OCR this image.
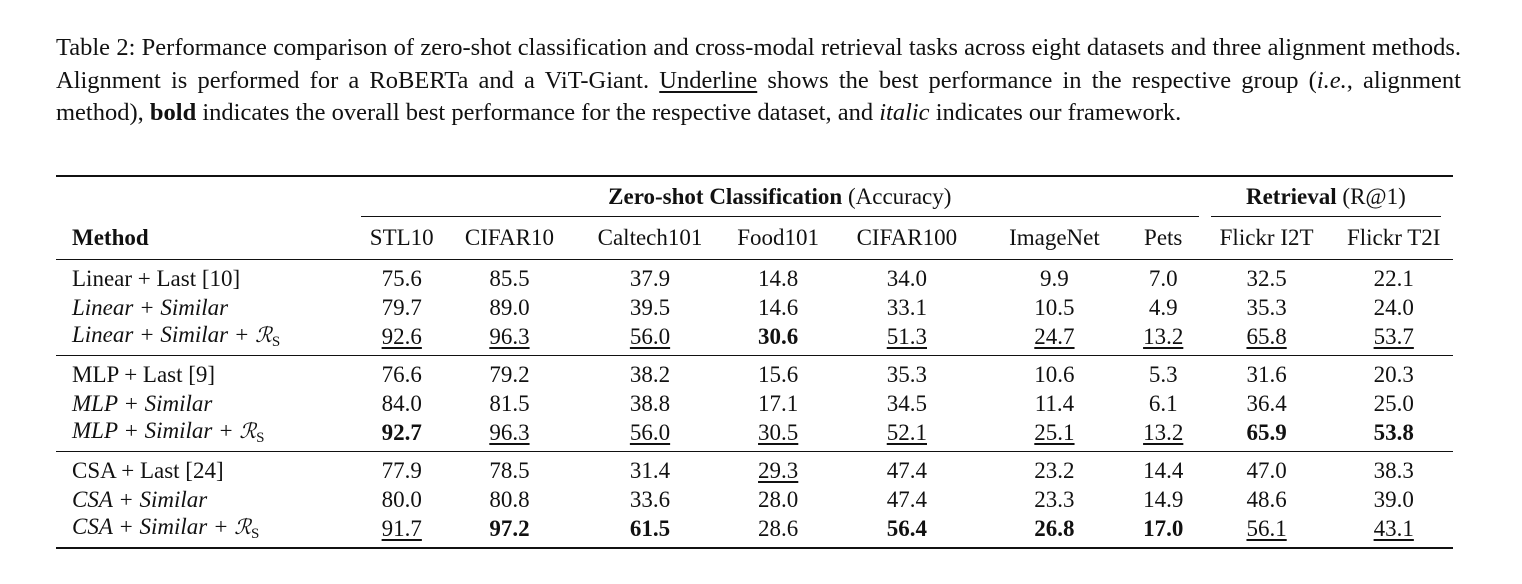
Table 2: Performance comparison of zero-shot classification and cross-modal retrieval tasks across eight datasets and three alignment methods. Alignment is performed for a RoBERTa and a ViT-Giant. Underline shows the best performance in the respective group (i.e., alignment method), bold indicates the overall best performance for the respective dataset, and italic indicates our framework.
	Zero-shot Classification (Accuracy)							Retrieval (R@1)	

Method	STL10	CIFAR10	Caltech101	Food101	CIFAR100	ImageNet	Pets	Flickr I2T	Flickr T2I
Linear + Last [10]	75.6	85.5	37.9	14.8	34.0	9.9	7.0	32.5	22.1
Linear + Similar	79.7	89.0	39.5	14.6	33.1	10.5	4.9	35.3	24.0
Linear + Similar + ℛ$_S$	92.6	96.3	56.0	30.6	51.3	24.7	13.2	65.8	53.7
MLP + Last [9]	76.6	79.2	38.2	15.6	35.3	10.6	5.3	31.6	20.3
MLP + Similar	84.0	81.5	38.8	17.1	34.5	11.4	6.1	36.4	25.0
MLP + Similar + ℛ$_S$	92.7	96.3	56.0	30.5	52.1	25.1	13.2	65.9	53.8
CSA + Last [24]	77.9	78.5	31.4	29.3	47.4	23.2	14.4	47.0	38.3
CSA + Similar	80.0	80.8	33.6	28.0	47.4	23.3	14.9	48.6	39.0
CSA + Similar + ℛ$_S$	91.7	97.2	61.5	28.6	56.4	26.8	17.0	56.1	43.1
